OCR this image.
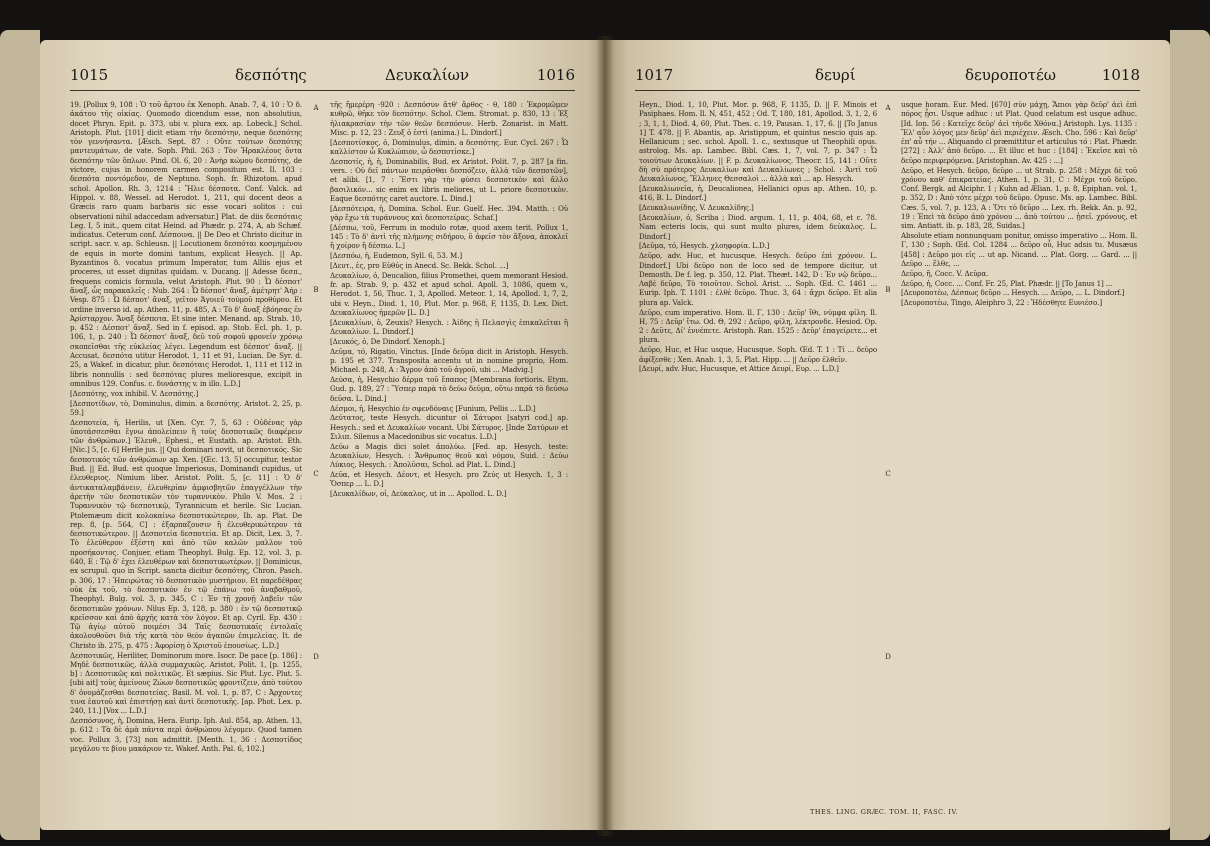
1015	δεσπότης	Δευκαλίων	1016

19. [Pollux 9, 108 : Ὁ τοῦ ἄρτου ἐκ Xenoph. Anab. 7, 4, 10 : Ὁ δ. ἀκάτου τῆς οἰκίας. Quomodo dicendum esse, non absolutius, docet Phryn. Epit. p. 373, ubi v. plura exx. ap. Lobeck.] Schol. Aristoph. Plut. [101] dicit etiam τὴν δεσπότην, neque δεσπότης τὸν γεννήσαντα. [Æsch. Sept. 87 : Οὔτε τούτων δεσπότης μαντευμάτων, de vate. Soph. Phil. 263 : Τὸν Ἡρακλέους ὄντα δεσπότην τῶν ὅπλων. Pind. Ol. 6, 20 : Ἀνὴρ κώμου δεσπότης, de victore, cujus in honorem carmen compositum est. Il. 103 : δεσπότα ποντόμεδον, de Neptuno. Soph. fr. Rhizotom. apud schol. Apollon. Rh. 3, 1214 : Ἥλιε δέσποτα. Conf. Valck. ad Hippol. v. 88, Wessel. ad Herodot. 1, 211, qui docent deos a Græcis raro quam barbaris sic esse vocari solitos : cui observationi nihil adaccedam adversatur.] Plat. de diis δεσπόταις Leg. I, 5 init., quem citat Heind. ad Phædr. p. 274, A, ab Schæf. indicatus. Ceterum conf. Δέσποινα. || De Deo et Christo dicitur in script. sacr. v. ap. Schleusn. || Locutionem δεσπόται κοσμημένου de equis in morte domini tantum, explicat Hesych. || Ap. Byzantinos δ. vocatus primum Imperator, tum Alliis ejus et proceres, ut esset dignitas quidam. v. Ducang. || Adesse δεσπ., frequens comicis formula, velut Aristoph. Plut. 90 : Ὦ δέσποτ' ἄναξ, ὦς παρακαλεῖς : Nub. 264 : Ὦ δέσποτ' ἄναξ, ἀμέτρητ' Ἀήρ : Vesp. 875 : Ὦ δέσποτ' ἄναξ, γεῖτον Ἀγυιεῦ τούμοῦ προθύρου. Et ordine inverso id. ap. Athen. 11, p. 485, A : Τὸ δ' ἄναξ ἐβόησας ἐν Ἀρίσταρχον. Ἄναξ δέσποτα. Et sine inter. Menand. ap. Strab. 10, p. 452 : Δέσποτ' ἄναξ. Sed in f. episod. ap. Stob. Ecl. ph. 1, p. 106, 1, p. 240 : Ὦ δέσποτ' ἄναξ, δεῦ τοῦ σοφοῦ φρονεῖν χρόνῳ σκοπεῖσθαι τῆς εὐκλείας λέγει. Legendum est δέσποτ' ἄναξ. || Accusat. δεσπότα utitur Herodot. 1, 11 et 91, Lucian. De Syr. d. 25, a Wakef. in dicatur, plur. δεσπόταις Herodot. 1, 111 et 112 in libris nonnullis : sed δεσπότας plures melioresque, excipit in omnibus 129. Confus. c. δυνάστης v. in illo. L.D.]

[Δεσπότης, vox inhibil. V. Δεσπότης.]

[Δεσποτίδων, τὸ, Dominulus, dimin. a δεσπότης. Aristot. 2, 25, p. 59.]

Δεσποτεία, ἡ, Herilis, ut [Xen. Cyr. 7, 5, 63 : Οὐδένας γὰρ ὑποτάσσεσθαι ἔγνω ἀπολείπειν ἢ τοὺς δεσποτικῶς διαφέρειν τῶν ἀνθρώπων.] Ἐλευθ., Ephesi., et Eustath. ap. Aristot. Eth. [Nic.] 5, [c. 6] Herile jus. || Qui dominari novit, ut δεσποτικός. Sic δεσποτικός τῶν ἀνθρώπων ap. Xen. [Œc. 13, 5] occupitur, testor Bud. || Ed. Bud. est quoque Imperiosus, Dominandi cupidus, ut ἐλευθεριος. Nimium liber. Aristot. Polit. 5, [c. 11] : Ὁ δ' ἀντικαταλαμβάνειν, ἐλευθερίαν ἀμφισβητῶν ἐπαγγέλλων τὴν ἀρετὴν τῶν δεσποτικῶν τὸν τυραννικὸν. Philo V. Mos. 2 : Τυραννικὸν τῷ δεσποτικῷ, Tyrannicum et herile. Sic Lucian. Ptolemæum dicit κολοκαίνω δεσποτικώτερον, Ib. ap. Plat. De rep. 8, [p. 564, C] : ἐξαρπαζουσιν ἢ ἐλευθερικώτερον τὰ δεσποτικώτερον. || Δεσποτεία δεσποτεία. Et ap. Dicit, Lex. 3, 7. Tὸ ἐλεύθερον ἐξέστη καὶ ἀπὸ τῶν καλῶν μαλλον τοῦ προσήκοντος. Conjuer, etiam Theophyl. Bulg. Ep. 12, vol. 3, p. 640, E : Τῷ δ' ἐχει ἐλευθέρων καὶ δεσποτικωτέρων. || Dominicus, ex scrupul. quo in Script. sancta dicitur δεσπότης, Chron. Pasch. p. 306, 17 : Ἠπειρώτας τὸ δεσποτικὸν μυστήριον. Et παρεδέθρας οὐκ ἐκ τοῦ, τὸ δεσποτικὸν ἐν τῷ ἐπάνω τοῦ ἀναβαθμοῦ, Theophyl. Bulg. vol. 3, p. 345, C : Ἐν τῇ χρονῇ λαβεῖν τῶν δεσποτικῶν χρόνων. Nilus Ep. 3, 128, p. 380 : ἐν τῷ δεσποτικῷ κρεῖσσον καὶ ἀπὸ ἀρχῆς κατὰ τὸν λόγον. Et ap. Cyril. Ep. 430 : Τῷ ἁγίῳ αὐτοῦ ποιμέσι 34 Ταῖς δεσποτικαῖς ἐντολαῖς ἀκολουθοῦσι διὰ τῆς κατὰ τὸν θεὸν ἀγαπῶν ἐπιμελείας. It. de Christo ib. 275, p. 475 : Ἀφορίσῃ ὁ Χριστοῦ ἐπουσίως. L.D.]

Δεσποτικῶς, Heriliter, Dominorum more. Isocr. De pace [p. 186] : Μηδὲ δεσποτικῶς, ἀλλὰ συμμαχικῶς. Aristot. Polit. 1, [p. 1255, b] : Δεσποτικῶς καὶ πολιτικῶς. Et sæpius. Sic Plut. Lyc. Plut. 5. [ubi ait] τοὺς ἀμείνους Ζώων δεσποτικῶς φροντίζειν, ἀπὸ τούτου δ' ὀνομάζεσθαι δεσποτείας. Basil. M. vol. 1, p. 87, C : Ἀρχοντες τινα ἑαυτοῦ καὶ ἐπιστήσῃ καὶ ἀντὶ δεσποτικῆς. [ap. Phot. Lex. p. 240, 11.] [Vox ... L.D.]

Δεσπόσυνος, ἡ, Domina, Hera. Eurip. Iph. Aul. 854, ap. Athen. 13, p. 612 : Τὰ δὲ ἀμὰ πάντα περὶ ἀνθρώπου λέγομεν. Quod tamen voc. Pollux 3, [73] non admittit. [Menth. 1, 36 : Δεσποτίδος μεγάλου τε βίου μακάριον τε. Wakef. Anth. Pal. 6, 102.]

A
B
C
D

τῆς ἥμερέρη ·920 : Δεσπόσυν ἄτθ' ἄρθος · θ, 180 : Ἐκρομῶμεν κυθρῶ, θῆκε τὸν δεσπότην. Schol. Clem. Stromat. p. 830, 13 : Ἐξ ἡλιακρασίαν τὴν τῶν θεῶν δεσπόσυν. Herb. Zonarist. in Matt. Misc. p. 12, 23 : Ζευξ ὁ ἐστὶ (anima.) L. Dindorf.]

[Δεσποτίσκος, ὁ, Dominulus, dimin. a δεσπότης. Eur. Cycl. 267 : Ὦ καλλίστον ὦ Κυκλώπιον, ὦ δεσποτίσκε.]

Δεσποτίς, ἡ, ἡ, Dominabilis, Bud. ex Aristot. Polit. 7, p. 287 [a fin. vers. : Οὐ δεῖ πάντων πειρᾶσθαι δεσπόζειν, ἀλλὰ τῶν δεσποτῶν], et alibi. [1, 7 : Ἔστι γὰρ τὴν φύσει δεσποτικὸν καὶ ἄλλο βασιλικόν... sic enim ex libris meliores, ut L. priore δεσποτικὸν. Eaque δεσπότης caret auctore. L. Dind.]

[Δεσπότειρα, ἡ, Domina. Schol. Eur. Guelf. Hec. 394. Matth. : Οὐ γὰρ ἔχω τὰ τυράννους καὶ δεσποτείρας. Schaf.]

[Δέσπω, τοῦ, Ferrum in modulo rotæ, quod axem terit. Pollux 1, 145 : Τὸ δ' ἀντὶ τῆς πλήμνης σιδήρου, ὃ ἀφεῖσ τὸν ἄξονα, ἀποκλεῖ ἢ χοίρον ἢ δέσπω. L.]

[Δεσπόω, ἡ, Eudemon, Syll. 6, 53. M.]

[Δευτ., ἐς, pro Εὐθύς in Anecd. Sc. Bekk. Schol. ...]

Δευκαλίων, ὁ, Deucalion, filius Promethei, quem memorant Hesiod. fr. ap. Strab. 9, p. 432 et apud schol. Apoll. 3, 1086, quem v., Herodot. 1, 56, Thuc. 1, 3, Apollod. Meteor. 1, 14, Apollod. 1, 7, 2, ubi v. Heyn., Diod. 1, 10, Plut. Mor. p. 968, F, 1135, D. Lex. Dict. Δευκαλίωνος ἡμερῶν [L. D.]

[Δευκαλίων, ὁ, Zeuxis? Hesych. : Ἀίδης ἡ Πελασγὶς ἐπικαλεῖται ἢ Δευκαλίων. L. Dindorf.]

[Δευκός, ὁ, De Dindorf. Xenoph.]

Δεῦμα, τό, Rigatio, Vinctus. [Inde δεῦμα dicit in Aristoph. Hesych. p. 195 et 377. Transposita accentu ut in nomine proprio, Hom. Michael. p. 248, A : Ἄγρον ἀπὸ τοῦ ἀγροῦ, ubi ... Madvig.]

Δεύσα, ἡ, Hesychio δέρμα τοῦ ἔπαπος [Membrana fortioris. Etym. Gud. p. 189, 27 : Ὕσπερ παρὰ τὸ δεύω δεῦμα, οὕτω παρὰ τὸ δεύσω δεῦσα. L. Dind.]

Δέσμοι, ἡ, Hesychio ἐν σφενδόναις [Funium, Pellis ... L.D.]

Δεύτατος, teste Hesych. dicuntur οἱ Σάτυροι [satyri cod.] ap. Hesych.: sed et Δευκαλίων vocant. Ubi Σάτυρος. [Inde Σατύρων et Σιλιπ. Silenus a Macedonibus sic vocatus. L.D.]

Δεύω a Magis dici solet ἀπολύω. [Fed. ap. Hesych. teste: Δευκαλίων, Hesych. : Ἄνθρωπος θεοῦ καὶ νόμου, Suid. : Δεύω Λύκιος, Hesych. : Ἀπολῦσαι, Schol. ad Plat. L. Dind.]

Δεῦα, et Hesych. Δέοντ, et Hesych. pro Ζεύς ut Hesych. 1, 3 : Ὅσπερ ... L. D.]

[Δευκαλίδων, οἱ, Δεύκαλος, ut in ... Apollod. L. D.]

1017	δευρί	δευροποτέω	1018

Heyn., Diod. 1, 10, Plut. Mor. p. 968, F, 1135, D. || F. Minois et Pasiphaes. Hom. Il. N, 451, 452 ; Od. T, 180, 181, Apollod. 3, 1, 2, 6 ; 3, 1, 1, Diod. 4, 60, Plut. Thes. c. 19, Pausan. 1, 17, 6. || [To Janus 1] T. 478. || F. Abantis, ap. Aristippum, et quintus nescio quis ap. Hellanicum ; sec. schol. Apoll. 1. c., sextusque ut Theophili opus. astrolog. Ms. ap. Lambec. Bibl. Cæs. 1, 7, vol. 7, p. 347 : Ὦ τοιούτων Δευκαλίων. || F. p. Δευκαλίωνος. Theocr. 15, 141 : Οὔτε δὴ σὺ πρότερος Δευκαλίων καὶ Δευκαλίωνες ; Schol. : Ἀντὶ τοῦ Δευκαλίωνος, Ἕλληνες Θεσσαλοὶ ... ἀλλὰ καὶ ... ap. Hesych.

[Δευκαλιωνεῖα, ἡ, Deucalionea, Hellanici opus ap. Athen. 10, p. 416, B. L. Dindorf.]

[Δευκαλιωνίδης, V. Δευκαλίδης.]

[Δευκαλίων, ὁ, Scriba ; Diod. argum. 1, 11, p. 404, 68, et c. 78. Nam ecteris locis, qui sunt multo plures, idem δεύκαλος. L. Dindorf.]

[Δεῦμα, τό, Hesych. χλοηφορία. L.D.]

Δεῦρο, adv. Huc, et hucusque. Hesych. δεῦρο ἐπὶ χρόνον. L. Dindorf.] Ubi δεῦρο non de loco sed de tempore dicitur, ut Demosth. De f. leg. p. 350, 12. Plat. Theæt. 142, D : Ἐν νῷ δεῦρο... Λαβὲ δεῦρο, Τὸ τοιοῦτον. Schol. Arist. ... Soph. Œd. C. 1461 ... Eurip. Iph. T. 1101 : ἐλθὲ δεῦρο. Thuc. 3, 64 : ἄχρι δεῦρο. Et alia plura ap. Valck.

Δεῦρο, cum imperativo. Hom. Il. Γ, 130 : Δεῦρ' ἴθι, νύμφα φίλη. Il. Η, 75 : Δεῦρ' ἴτω. Od. Θ, 292 : Δεῦρο, φίλη, λέκτρονδε. Hesiod. Op. 2 : Δεῦτε, Δί' ἐννέπετε. Aristoph. Ran. 1525 : Δεῦρ' ἐπαγείρετε... et plura.

Δεῦρο, Huc, et Huc usque, Hucusque. Soph. Œd. T. 1 : Τί ... δεῦρο ἀφίξεσθε ; Xen. Anab. 1, 3, 5, Plat. Hipp. ... || Δεῦρο ἐλθεῖν.

[Δευρί, adv. Huc, Hucusque, et Attice Δευρί, Ευρ. ... L.D.]

A
B
C
D

usque horam. Eur. Med. [670] σὺν μάχῃ, Ἄπιοι γὰρ δεῦρ' ἀεὶ ἐπὶ πόρος ᾖσι. Usque adhuc : ut Plat. Quod celatum est usque adhuc. [Id. Ion. 56 : Κατεῖχε δεῦρ' ἀεὶ τήνδε Χθόνα.] Aristoph. Lys. 1135 : Ἕλ' αὖν λόγος μεν δεῦρ' ἀεὶ περιέχειν. Æsch. Cho. 596 : Καὶ δεῦρ' ἐπ' αὖ τήν ... Aliquando cl præmittitur et articulus τό : Plat. Phædr. [272] : Ἀλλ' ἀπὸ δεῦρο. ... Et illuc et huc : [184] : Ἐκεῖσε καὶ τὸ δεῦρο περιφερόμενα. [Aristophan. Av. 425 : ...]

Δεῦρο, et Hesych. δεῦρο, δεῦρο ... ut Strab. p. 258 : Μέχρι δὲ τοῦ χρόνου καθ' ἐπικρατείας. Athen. 1, p. 31, C : Μέχρι τοῦ δεῦρο. Conf. Bergk. ad Alciphr. 1 ; Kuhn ad Ælian. 1, p. 8, Epiphan. vol. 1, p. 352, D : Ἀπὸ τότε μέχρι τοῦ δεῦρο. Opusc. Ms. ap. Lambec. Bibl. Cæs. 5, vol. 7, p. 123, A : Ὅτι τὸ δεῦρο ... Lex. rh. Bekk. An. p. 92, 19 : Ἐπεὶ τὰ δεῦρο ἀπὸ χρόνου ... ἀπὸ τούτου ... ᾐσεῖ. χρόνους, et sim. Antiatt. ib. p. 183, 28, Suidas.]

Absolute etiam nonnunquam ponitur, omisso imperativo ... Hom. Il. Γ, 130 ; Soph. Œd. Col. 1284 ... δεῦρο οὖ, Huc adsis tu. Musæus [458] : Δεῦρο μοι εἰς ... ut ap. Nicand. ... Plat. Gorg. ... Gard. ... || Δεῦρο ... ἔλθε, ...

Δεῦρο, ἤ, Cocc. V. Δεῦρα.

Δεῦρο, ἡ, Cocc. ... Conf. Fr. 25, Plat. Phædr. || [To Janus 1] ...

[Δευροποτέω, Δέσπως δεῦρο ... Hesych. ... Δεῦρο, ... L. Dindorf.]

[Δευροποτέω, Tingo, Aleiphro 3, 22 : Ἠδέσθητε Ευνιέσο.]

THES. LING. GRÆC. TOM. II, FASC. IV.
